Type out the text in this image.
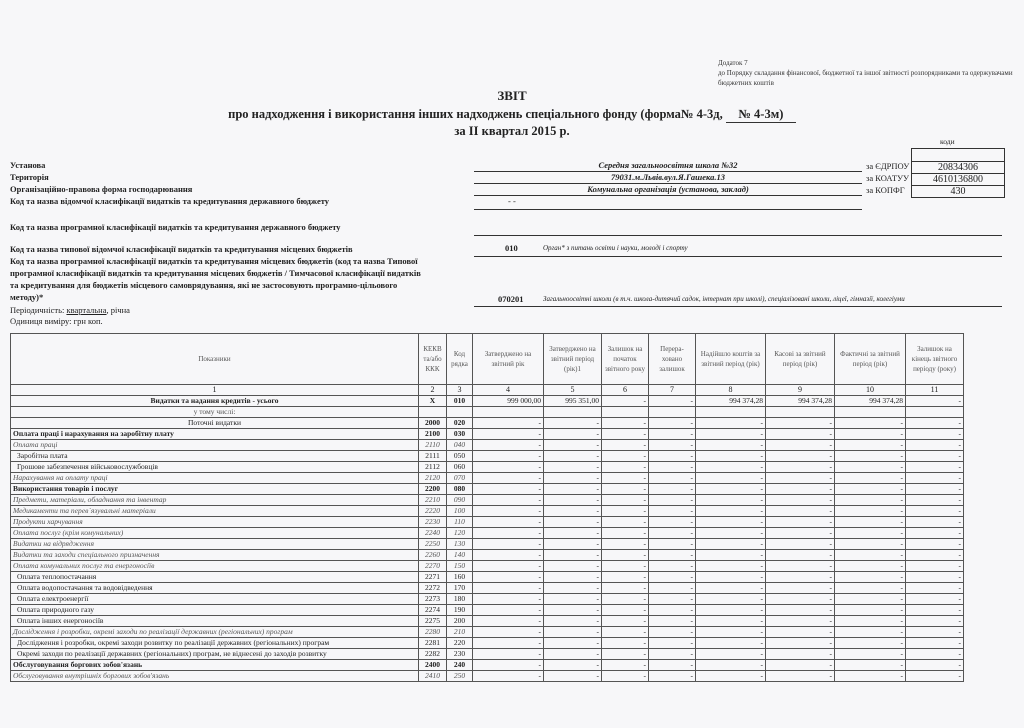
Додаток 7
до Порядку складання фінансової, бюджетної та іншої звітності розпорядниками та одержувачами бюджетних коштів
ЗВІТ
про надходження і використання інших надходжень спеціального фонду (форма№ 4-3д, № 4-3м)
за II квартал 2015 р.
коди
20834306
4610136800
430
за ЄДРПОУ
за КОАТУУ
за КОПФГ
Установа	Середня загальноосвітня школа №32
Територія	79031.м.Львів.вул.Я.Гашека.13
Організаційно-правова форма господарювання	Комунальна організація (установа, заклад)
Код та назва відомчої класифікації видатків та кредитування державного бюджету	- -
Код та назва програмної класифікації видатків та кредитування державного бюджету
Код та назва типової відомчої класифікації видатків та кредитування місцевих бюджетів	010	Орган* з питань освіти і науки, молоді і спорту
Код та назва програмної класифікації видатків та кредитування місцевих бюджетів (код та назва Типової
програмної класифікації видатків та кредитування місцевих бюджетів / Тимчасової класифікації видатків
та кредитування для бюджетів місцевого самоврядування, які не застосовують програмно-цільового
методу)*	070201	Загальноосвітні школи (в т.ч. школа-дитячий садок, інтернат при школі), спеціалізовані школи, ліцеї, гімназії, колегіуми
Періодичність: квартальна, річна
Одиниця виміру: грн коп.
Показники	КЕКВ та/або ККК	Код рядка	Затверджено на звітний рік	Затверджено на звітний період (рік)1	Залишок на початок звітного року	Перера-ховано залишок	Надійшло коштів за звітний період (рік)	Касові за звітний період (рік)	Фактичні за звітний період (рік)	Залишок на кінець звітного періоду (року)
1	2	3	4	5	6	7	8	9	10	11
Видатки та надання кредитів - усього	X	010	999 000,00	995 351,00	-	-	994 374,28	994 374,28	994 374,28	-
у тому числі:										
Поточні видатки	2000	020	-	-	-	-	-	-	-	-
Оплата праці і нарахування на заробітну плату	2100	030	-	-	-	-	-	-	-	-
Оплата праці	2110	040	-	-	-	-	-	-	-	-
Заробітна плата	2111	050	-	-	-	-	-	-	-	-
Грошове забезпечення військовослужбовців	2112	060	-	-	-	-	-	-	-	-
Нарахування на оплату праці	2120	070	-	-	-	-	-	-	-	-
Використання товарів і послуг	2200	080	-	-	-	-	-	-	-	-
Предмети, матеріали, обладнання та інвентар	2210	090	-	-	-	-	-	-	-	-
Медикаменти та перев`язувальні матеріали	2220	100	-	-	-	-	-	-	-	-
Продукти харчування	2230	110	-	-	-	-	-	-	-	-
Оплата послуг (крім комунальних)	2240	120	-	-	-	-	-	-	-	-
Видатки на відрядження	2250	130	-	-	-	-	-	-	-	-
Видатки та заходи спеціального призначення	2260	140	-	-	-	-	-	-	-	-
Оплата комунальних послуг та енергоносіїв	2270	150	-	-	-	-	-	-	-	-
Оплата теплопостачання	2271	160	-	-	-	-	-	-	-	-
Оплата водопостачання та водовідведення	2272	170	-	-	-	-	-	-	-	-
Оплата електроенергії	2273	180	-	-	-	-	-	-	-	-
Оплата природного газу	2274	190	-	-	-	-	-	-	-	-
Оплата інших енергоносіїв	2275	200	-	-	-	-	-	-	-	-
Дослідження і розробки, окремі заходи по реалізації державних (регіональних) програм	2280	210	-	-	-	-	-	-	-	-
Дослідження і розробки, окремі заходи розвитку по реалізації державних (регіональних) програм	2281	220	-	-	-	-	-	-	-	-
Окремі заходи по реалізації державних (регіональних) програм, не віднесені до заходів розвитку	2282	230	-	-	-	-	-	-	-	-
Обслуговування боргових зобов'язань	2400	240	-	-	-	-	-	-	-	-
Обслуговування внутрішніх боргових зобов'язань	2410	250	-	-	-	-	-	-	-	-
